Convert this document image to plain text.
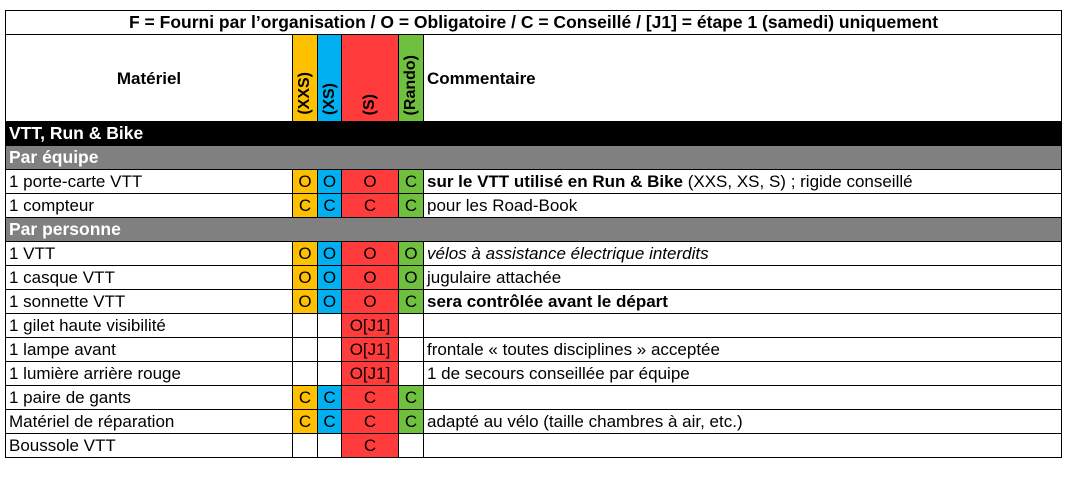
F = Fourni par l’organisation / O = Obligatoire / C = Conseillé / [J1] = étape 1 (samedi) uniquement					
Matériel	(XXS)	(XS)	(S)	(Rando)	Commentaire
VTT, Run & Bike					
Par équipe					
1 porte-carte VTT	O	O	O	C	sur le VTT utilisé en Run & Bike (XXS, XS, S) ; rigide conseillé
1 compteur	C	C	C	C	pour les Road-Book
Par personne					
1 VTT	O	O	O	O	vélos à assistance électrique interdits
1 casque VTT	O	O	O	O	jugulaire attachée
1 sonnette VTT	O	O	O	C	sera contrôlée avant le départ
1 gilet haute visibilité			O[J1]		
1 lampe avant			O[J1]		frontale « toutes disciplines » acceptée
1 lumière arrière rouge			O[J1]		1 de secours conseillée par équipe
1 paire de gants	C	C	C	C	
Matériel de réparation	C	C	C	C	adapté au vélo (taille chambres à air, etc.)
Boussole VTT			C		
